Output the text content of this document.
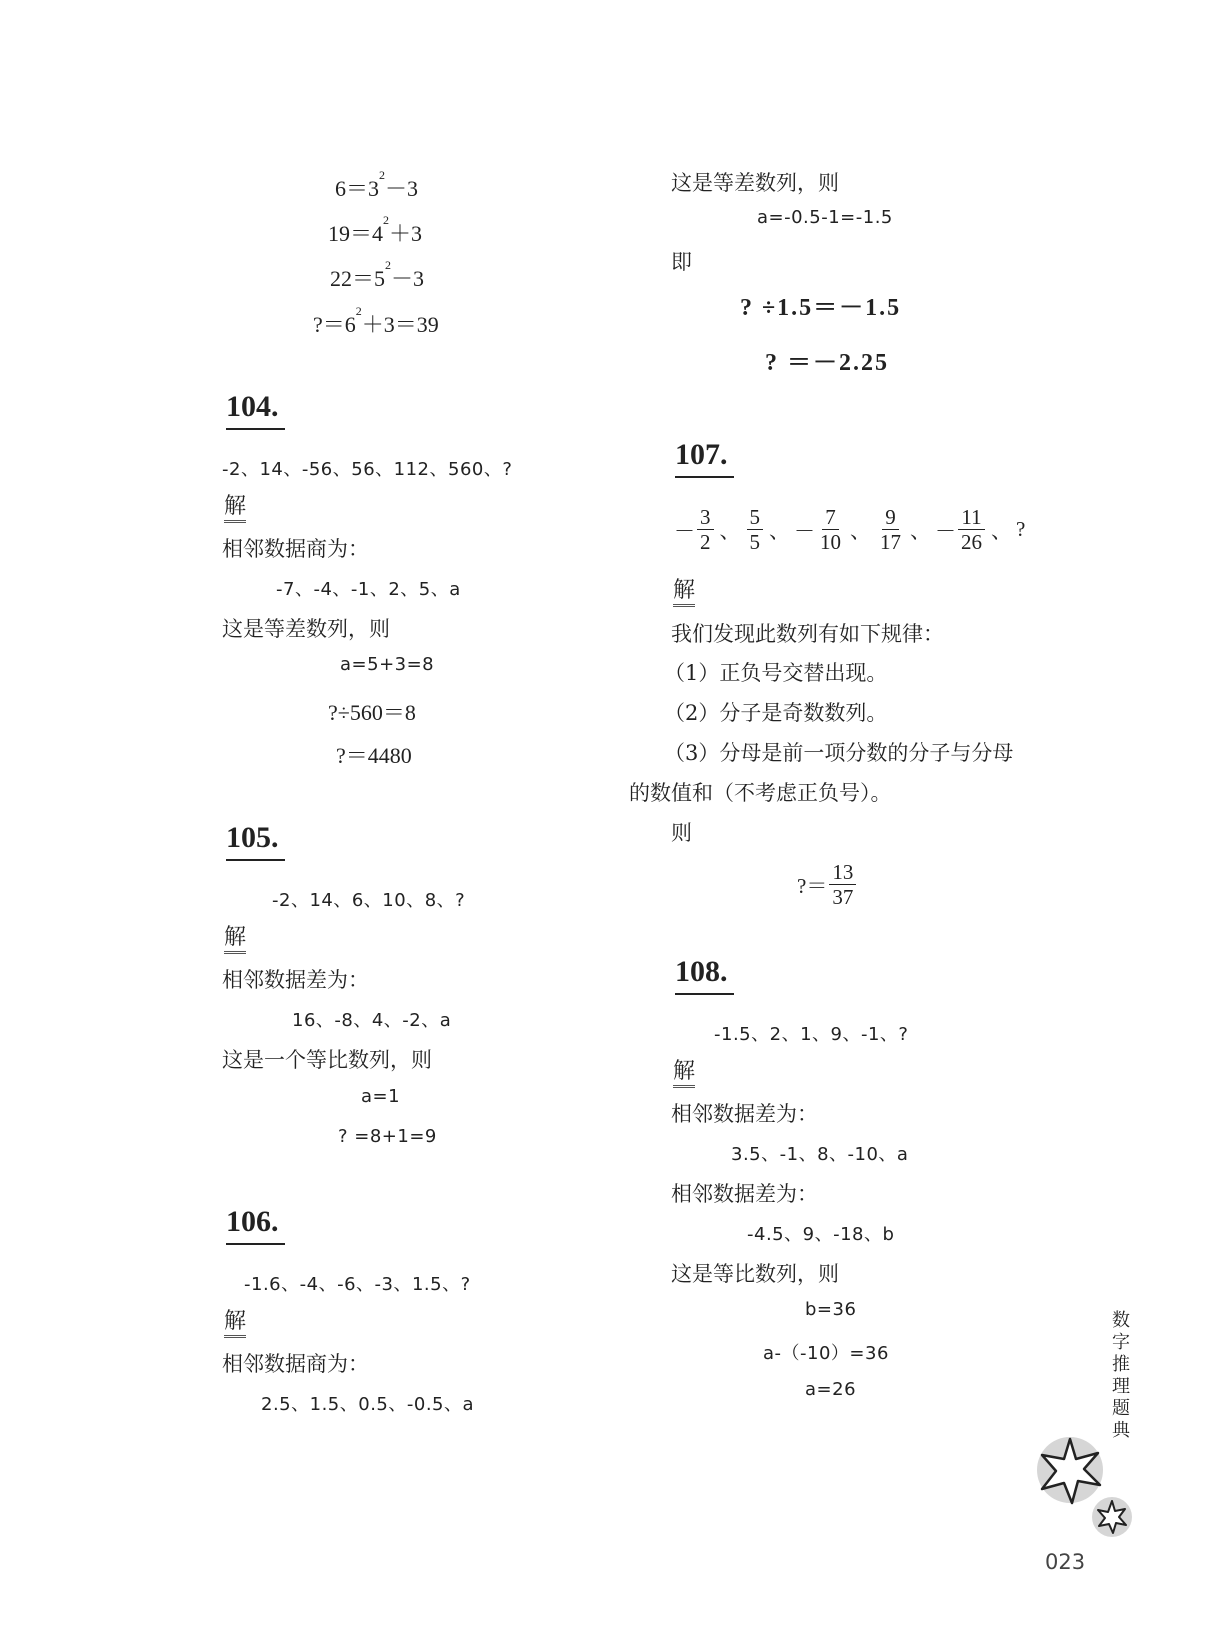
$6=3^2-3$
$19=4^2+3$
$22=5^2-3$
$?=6^2+3=39$
104.
-2、14、-56、56、112、560、?
解
相邻数据商为：
-7、-4、-1、2、5、a
这是等差数列，则
a=5+3=8
?÷560＝8
?＝4480
105.
-2、14、6、10、8、?
解
相邻数据差为：
16、-8、4、-2、a
这是一个等比数列，则
a=1
? =8+1=9
106.
-1.6、-4、-6、-3、1.5、?
解
相邻数据商为：
2.5、1.5、0.5、-0.5、a
这是等差数列，则
a=-0.5-1=-1.5
即
? ÷1.5＝－1.5
? ＝－2.25
107.
－ $\frac{3}{2}$ 、 $\frac{5}{5}$ 、 － $\frac{7}{10}$ 、 $\frac{9}{17}$ 、 － $\frac{11}{26}$ 、 ?
解
我们发现此数列有如下规律：
（1）正负号交替出现。
（2）分子是奇数数列。
（3）分母是前一项分数的分子与分母
的数值和（不考虑正负号）。
则
?＝ $\frac{13}{37}$
108.
-1.5、2、1、9、-1、?
解
相邻数据差为：
3.5、-1、8、-10、a
相邻数据差为：
-4.5、9、-18、b
这是等比数列，则
b=36
a-（-10）=36
a=26
数
字
推
理
题
典
023
